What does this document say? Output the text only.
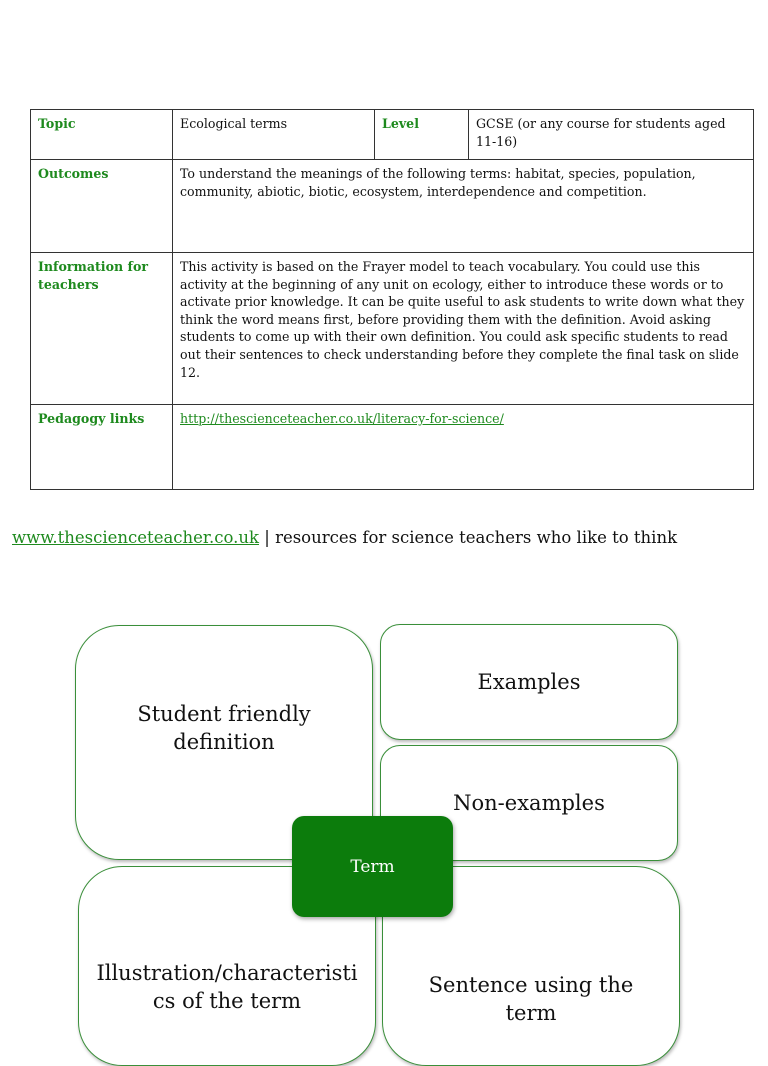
Topic	Ecological terms	Level	GCSE (or any course for students aged 11-16)
Outcomes	To understand the meanings of the following terms: habitat, species, population, community, abiotic, biotic, ecosystem, interdependence and competition.		
Information for teachers	This activity is based on the Frayer model to teach vocabulary. You could use this activity at the beginning of any unit on ecology, either to introduce these words or to activate prior knowledge. It can be quite useful to ask students to write down what they think the word means first, before providing them with the definition. Avoid asking students to come up with their own definition. You could ask specific students to read out their sentences to check understanding before they complete the final task on slide 12.		
Pedagogy links	http://thescienceteacher.co.uk/literacy-for-science/		
www.thescienceteacher.co.uk | resources for science teachers who like to think
Student friendly definition
Examples
Non-examples
Illustration/characteristi cs of the term
Sentence using the term
Term
